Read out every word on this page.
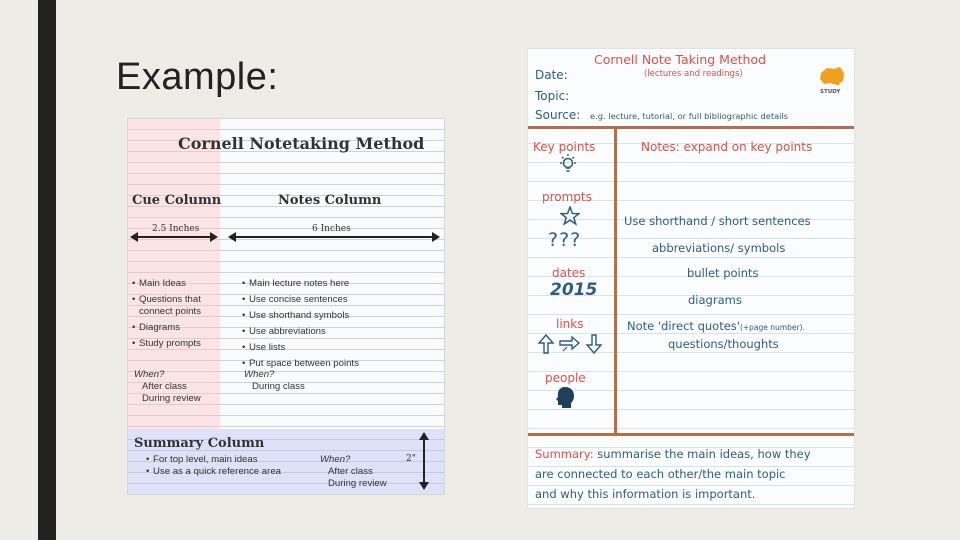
Example:
Cornell Notetaking Method
Cue Column	Notes Column
2.5 Inches	6 Inches
• Main Ideas
• Questions that connect points
• Diagrams
• Study prompts
When?
After class
During review
• Main lecture notes here
• Use concise sentences
• Use shorthand symbols
• Use abbreviations
• Use lists
• Put space between points
When?
During class
Summary Column
• For top level, main ideas
• Use as a quick reference area
When?
After class
During review
2"
Cornell Note Taking Method
(lectures and readings)
Date:
Topic:
Source: e.g. lecture, tutorial, or full bibliographic details
STUDY
Key points
prompts
???
dates
2015
links
people
Notes: expand on key points
Use shorthand / short sentences
abbreviations/ symbols
bullet points
diagrams
Note 'direct quotes'(+page number).
questions/thoughts
Summary: summarise the main ideas, how they
are connected to each other/the main topic
and why this information is important.
